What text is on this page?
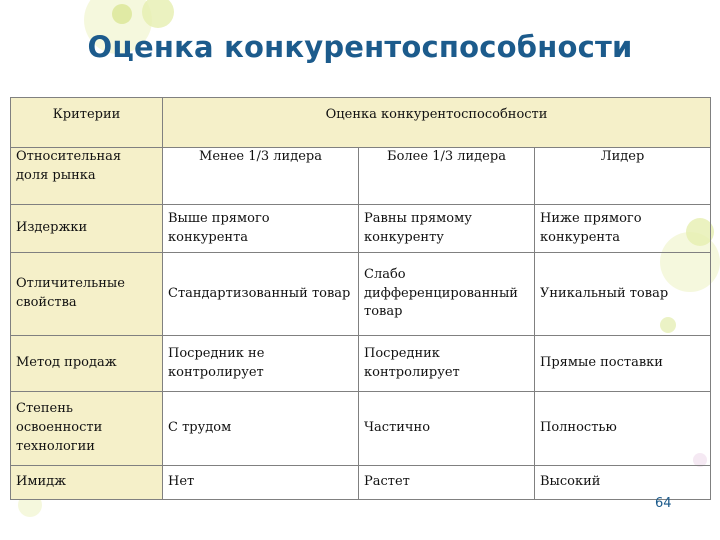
Оценка конкурентоспособности
Критерии	Оценка конкурентоспособности		
Относительная доля рынка	Менее 1/3 лидера	Более 1/3 лидера	Лидер
Издержки	Выше прямого конкурента	Равны прямому конкуренту	Ниже прямого конкурента
Отличительные свойства	Стандартизованный товар	Слабо дифференцированный товар	Уникальный товар
Метод продаж	Посредник не контролирует	Посредник контролирует	Прямые поставки
Степень освоенности технологии	С трудом	Частично	Полностью
Имидж	Нет	Растет	Высокий
64
